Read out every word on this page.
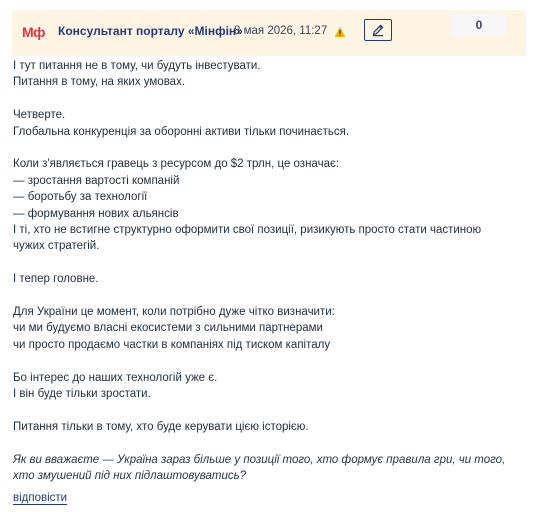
Мф Консультант порталу «Мінфін»
8 мая 2026, 11:27	0

І тут питання не в тому, чи будуть інвестувати.

Питання в тому, на яких умовах.

Четверте.

Глобальна конкуренція за оборонні активи тільки починається.

Коли з'являється гравець з ресурсом до $2 трлн, це означає:

— зростання вартості компаній

— боротьбу за технології

— формування нових альянсів

І ті, хто не встигне структурно оформити свої позиції, ризикують просто стати частиною чужих стратегій.

І тепер головне.

Для України це момент, коли потрібно дуже чітко визначити:

чи ми будуємо власні екосистеми з сильними партнерами

чи просто продаємо частки в компаніях під тиском капіталу

Бо інтерес до наших технологій уже є.

І він буде тільки зростати.

Питання тільки в тому, хто буде керувати цією історією.

Як ви вважаєте — Україна зараз більше у позиції того, хто формує правила гри, чи того, хто змушений під них підлаштовуватись?

відповісти
